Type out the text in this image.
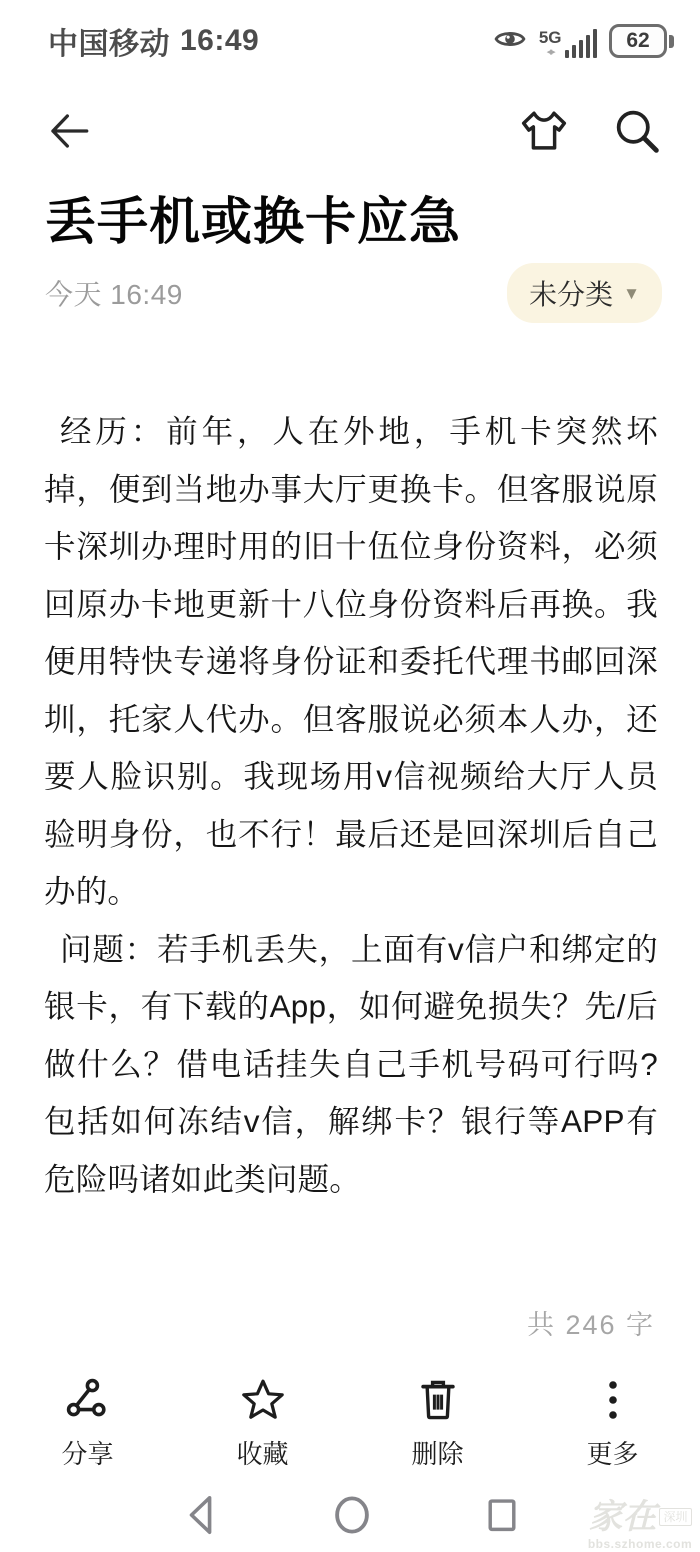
中国移动 16:49	5G
◂▸	62
丢手机或换卡应急
今天 16:49	未分类 ▼

经历：前年，人在外地，手机卡突然坏掉，便到当地办事大厅更换卡。但客服说原卡深圳办理时用的旧十伍位身份资料，必须回原办卡地更新十八位身份资料后再换。我便用特快专递将身份证和委托代理书邮回深圳，托家人代办。但客服说必须本人办，还要人脸识别。我现场用v信视频给大厅人员验明身份，也不行！最后还是回深圳后自己办的。

问题：若手机丢失，上面有v信户和绑定的银卡，有下载的App，如何避免损失？先/后做什么？借电话挂失自己手机号码可行吗?包括如何冻结v信，解绑卡？银行等APP有危险吗诸如此类问题。

共 246 字
分享	收藏	删除	更多
家在 深圳
bbs.szhome.com
